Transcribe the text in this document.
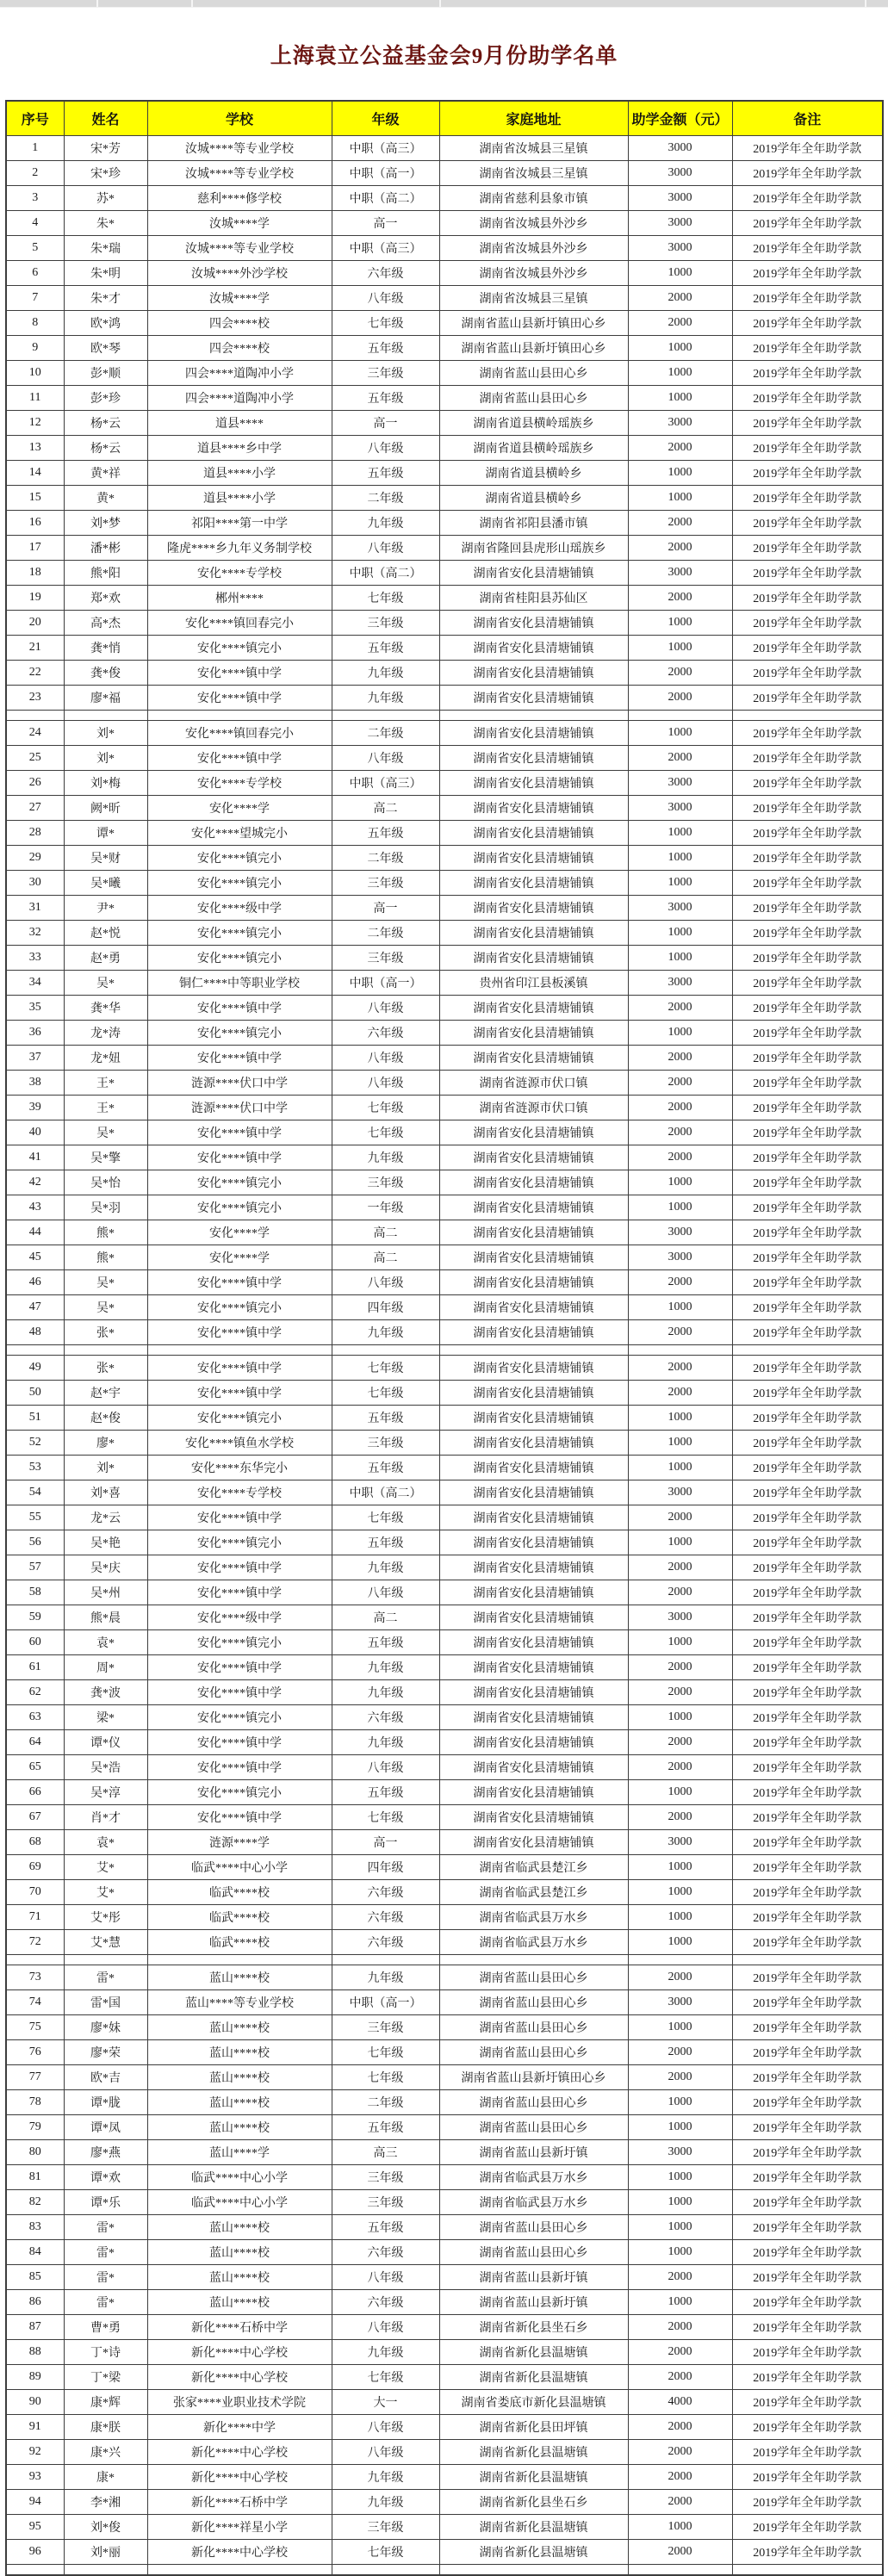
上海袁立公益基金会9月份助学名单
序号	姓名	学校	年级	家庭地址	助学金额（元）	备注
1	宋*芳	汝城****等专业学校	中职（高三）	湖南省汝城县三星镇	3000	2019学年全年助学款
2	宋*珍	汝城****等专业学校	中职（高一）	湖南省汝城县三星镇	3000	2019学年全年助学款
3	苏*	慈利****修学校	中职（高二）	湖南省慈利县象市镇	3000	2019学年全年助学款
4	朱*	汝城****学	高一	湖南省汝城县外沙乡	3000	2019学年全年助学款
5	朱*瑞	汝城****等专业学校	中职（高三）	湖南省汝城县外沙乡	3000	2019学年全年助学款
6	朱*明	汝城****外沙学校	六年级	湖南省汝城县外沙乡	1000	2019学年全年助学款
7	朱*才	汝城****学	八年级	湖南省汝城县三星镇	2000	2019学年全年助学款
8	欧*鸿	四会****校	七年级	湖南省蓝山县新圩镇田心乡	2000	2019学年全年助学款
9	欧*琴	四会****校	五年级	湖南省蓝山县新圩镇田心乡	1000	2019学年全年助学款
10	彭*顺	四会****道陶冲小学	三年级	湖南省蓝山县田心乡	1000	2019学年全年助学款
11	彭*珍	四会****道陶冲小学	五年级	湖南省蓝山县田心乡	1000	2019学年全年助学款
12	杨*云	道县****	高一	湖南省道县横岭瑶族乡	3000	2019学年全年助学款
13	杨*云	道县****乡中学	八年级	湖南省道县横岭瑶族乡	2000	2019学年全年助学款
14	黄*祥	道县****小学	五年级	湖南省道县横岭乡	1000	2019学年全年助学款
15	黄*	道县****小学	二年级	湖南省道县横岭乡	1000	2019学年全年助学款
16	刘*梦	祁阳****第一中学	九年级	湖南省祁阳县潘市镇	2000	2019学年全年助学款
17	潘*彬	隆虎****乡九年义务制学校	八年级	湖南省隆回县虎形山瑶族乡	2000	2019学年全年助学款
18	熊*阳	安化****专学校	中职（高二）	湖南省安化县清塘铺镇	3000	2019学年全年助学款
19	郑*欢	郴州****	七年级	湖南省桂阳县苏仙区	2000	2019学年全年助学款
20	高*杰	安化****镇回春完小	三年级	湖南省安化县清塘铺镇	1000	2019学年全年助学款
21	龚*悄	安化****镇完小	五年级	湖南省安化县清塘铺镇	1000	2019学年全年助学款
22	龚*俊	安化****镇中学	九年级	湖南省安化县清塘铺镇	2000	2019学年全年助学款
23	廖*福	安化****镇中学	九年级	湖南省安化县清塘铺镇	2000	2019学年全年助学款

24	刘*	安化****镇回春完小	二年级	湖南省安化县清塘铺镇	1000	2019学年全年助学款
25	刘*	安化****镇中学	八年级	湖南省安化县清塘铺镇	2000	2019学年全年助学款
26	刘*梅	安化****专学校	中职（高三）	湖南省安化县清塘铺镇	3000	2019学年全年助学款
27	阙*昕	安化****学	高二	湖南省安化县清塘铺镇	3000	2019学年全年助学款
28	谭*	安化****望城完小	五年级	湖南省安化县清塘铺镇	1000	2019学年全年助学款
29	吴*财	安化****镇完小	二年级	湖南省安化县清塘铺镇	1000	2019学年全年助学款
30	吴*曦	安化****镇完小	三年级	湖南省安化县清塘铺镇	1000	2019学年全年助学款
31	尹*	安化****级中学	高一	湖南省安化县清塘铺镇	3000	2019学年全年助学款
32	赵*悦	安化****镇完小	二年级	湖南省安化县清塘铺镇	1000	2019学年全年助学款
33	赵*勇	安化****镇完小	三年级	湖南省安化县清塘铺镇	1000	2019学年全年助学款
34	吴*	铜仁****中等职业学校	中职（高一）	贵州省印江县板溪镇	3000	2019学年全年助学款
35	龚*华	安化****镇中学	八年级	湖南省安化县清塘铺镇	2000	2019学年全年助学款
36	龙*涛	安化****镇完小	六年级	湖南省安化县清塘铺镇	1000	2019学年全年助学款
37	龙*妞	安化****镇中学	八年级	湖南省安化县清塘铺镇	2000	2019学年全年助学款
38	王*	涟源****伏口中学	八年级	湖南省涟源市伏口镇	2000	2019学年全年助学款
39	王*	涟源****伏口中学	七年级	湖南省涟源市伏口镇	2000	2019学年全年助学款
40	吴*	安化****镇中学	七年级	湖南省安化县清塘铺镇	2000	2019学年全年助学款
41	吴*擎	安化****镇中学	九年级	湖南省安化县清塘铺镇	2000	2019学年全年助学款
42	吴*怡	安化****镇完小	三年级	湖南省安化县清塘铺镇	1000	2019学年全年助学款
43	吴*羽	安化****镇完小	一年级	湖南省安化县清塘铺镇	1000	2019学年全年助学款
44	熊*	安化****学	高二	湖南省安化县清塘铺镇	3000	2019学年全年助学款
45	熊*	安化****学	高二	湖南省安化县清塘铺镇	3000	2019学年全年助学款
46	吴*	安化****镇中学	八年级	湖南省安化县清塘铺镇	2000	2019学年全年助学款
47	吴*	安化****镇完小	四年级	湖南省安化县清塘铺镇	1000	2019学年全年助学款
48	张*	安化****镇中学	九年级	湖南省安化县清塘铺镇	2000	2019学年全年助学款

49	张*	安化****镇中学	七年级	湖南省安化县清塘铺镇	2000	2019学年全年助学款
50	赵*宇	安化****镇中学	七年级	湖南省安化县清塘铺镇	2000	2019学年全年助学款
51	赵*俊	安化****镇完小	五年级	湖南省安化县清塘铺镇	1000	2019学年全年助学款
52	廖*	安化****镇鱼水学校	三年级	湖南省安化县清塘铺镇	1000	2019学年全年助学款
53	刘*	安化****东华完小	五年级	湖南省安化县清塘铺镇	1000	2019学年全年助学款
54	刘*喜	安化****专学校	中职（高二）	湖南省安化县清塘铺镇	3000	2019学年全年助学款
55	龙*云	安化****镇中学	七年级	湖南省安化县清塘铺镇	2000	2019学年全年助学款
56	吴*艳	安化****镇完小	五年级	湖南省安化县清塘铺镇	1000	2019学年全年助学款
57	吴*庆	安化****镇中学	九年级	湖南省安化县清塘铺镇	2000	2019学年全年助学款
58	吴*州	安化****镇中学	八年级	湖南省安化县清塘铺镇	2000	2019学年全年助学款
59	熊*晨	安化****级中学	高二	湖南省安化县清塘铺镇	3000	2019学年全年助学款
60	袁*	安化****镇完小	五年级	湖南省安化县清塘铺镇	1000	2019学年全年助学款
61	周*	安化****镇中学	九年级	湖南省安化县清塘铺镇	2000	2019学年全年助学款
62	龚*波	安化****镇中学	九年级	湖南省安化县清塘铺镇	2000	2019学年全年助学款
63	梁*	安化****镇完小	六年级	湖南省安化县清塘铺镇	1000	2019学年全年助学款
64	谭*仪	安化****镇中学	九年级	湖南省安化县清塘铺镇	2000	2019学年全年助学款
65	吴*浩	安化****镇中学	八年级	湖南省安化县清塘铺镇	2000	2019学年全年助学款
66	吴*淳	安化****镇完小	五年级	湖南省安化县清塘铺镇	1000	2019学年全年助学款
67	肖*才	安化****镇中学	七年级	湖南省安化县清塘铺镇	2000	2019学年全年助学款
68	袁*	涟源****学	高一	湖南省安化县清塘铺镇	3000	2019学年全年助学款
69	艾*	临武****中心小学	四年级	湖南省临武县楚江乡	1000	2019学年全年助学款
70	艾*	临武****校	六年级	湖南省临武县楚江乡	1000	2019学年全年助学款
71	艾*彤	临武****校	六年级	湖南省临武县万水乡	1000	2019学年全年助学款
72	艾*慧	临武****校	六年级	湖南省临武县万水乡	1000	2019学年全年助学款

73	雷*	蓝山****校	九年级	湖南省蓝山县田心乡	2000	2019学年全年助学款
74	雷*国	蓝山****等专业学校	中职（高一）	湖南省蓝山县田心乡	3000	2019学年全年助学款
75	廖*妹	蓝山****校	三年级	湖南省蓝山县田心乡	1000	2019学年全年助学款
76	廖*荣	蓝山****校	七年级	湖南省蓝山县田心乡	2000	2019学年全年助学款
77	欧*吉	蓝山****校	七年级	湖南省蓝山县新圩镇田心乡	2000	2019学年全年助学款
78	谭*胧	蓝山****校	二年级	湖南省蓝山县田心乡	1000	2019学年全年助学款
79	谭*凤	蓝山****校	五年级	湖南省蓝山县田心乡	1000	2019学年全年助学款
80	廖*燕	蓝山****学	高三	湖南省蓝山县新圩镇	3000	2019学年全年助学款
81	谭*欢	临武****中心小学	三年级	湖南省临武县万水乡	1000	2019学年全年助学款
82	谭*乐	临武****中心小学	三年级	湖南省临武县万水乡	1000	2019学年全年助学款
83	雷*	蓝山****校	五年级	湖南省蓝山县田心乡	1000	2019学年全年助学款
84	雷*	蓝山****校	六年级	湖南省蓝山县田心乡	1000	2019学年全年助学款
85	雷*	蓝山****校	八年级	湖南省蓝山县新圩镇	2000	2019学年全年助学款
86	雷*	蓝山****校	六年级	湖南省蓝山县新圩镇	1000	2019学年全年助学款
87	曹*勇	新化****石桥中学	八年级	湖南省新化县坐石乡	2000	2019学年全年助学款
88	丁*诗	新化****中心学校	九年级	湖南省新化县温塘镇	2000	2019学年全年助学款
89	丁*梁	新化****中心学校	七年级	湖南省新化县温塘镇	2000	2019学年全年助学款
90	康*辉	张家****业职业技术学院	大一	湖南省娄底市新化县温塘镇	4000	2019学年全年助学款
91	康*朕	新化****中学	八年级	湖南省新化县田坪镇	2000	2019学年全年助学款
92	康*兴	新化****中心学校	八年级	湖南省新化县温塘镇	2000	2019学年全年助学款
93	康*	新化****中心学校	九年级	湖南省新化县温塘镇	2000	2019学年全年助学款
94	李*湘	新化****石桥中学	九年级	湖南省新化县坐石乡	2000	2019学年全年助学款
95	刘*俊	新化****祥星小学	三年级	湖南省新化县温塘镇	1000	2019学年全年助学款
96	刘*丽	新化****中心学校	七年级	湖南省新化县温塘镇	2000	2019学年全年助学款
